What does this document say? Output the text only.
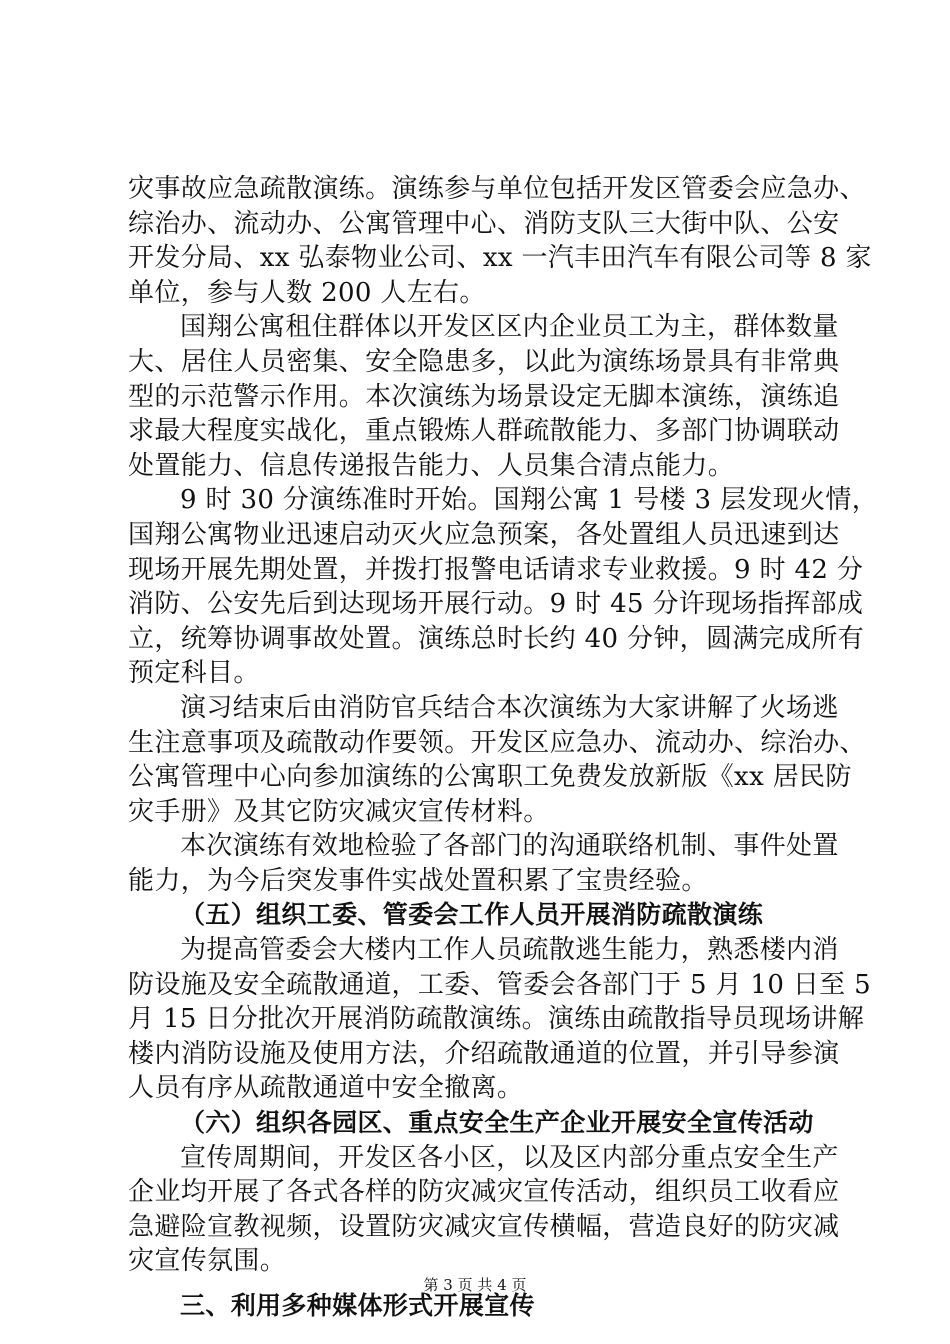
灾事故应急疏散演练。演练参与单位包括开发区管委会应急办、
综治办、流动办、公寓管理中心、消防支队三大街中队、公安
开发分局、xx 弘泰物业公司、xx 一汽丰田汽车有限公司等 8 家
单位，参与人数 200 人左右。
国翔公寓租住群体以开发区区内企业员工为主，群体数量
大、居住人员密集、安全隐患多，以此为演练场景具有非常典
型的示范警示作用。本次演练为场景设定无脚本演练，演练追
求最大程度实战化，重点锻炼人群疏散能力、多部门协调联动
处置能力、信息传递报告能力、人员集合清点能力。
9 时 30 分演练准时开始。国翔公寓 1 号楼 3 层发现火情，
国翔公寓物业迅速启动灭火应急预案，各处置组人员迅速到达
现场开展先期处置，并拨打报警电话请求专业救援。9 时 42 分
消防、公安先后到达现场开展行动。9 时 45 分许现场指挥部成
立，统筹协调事故处置。演练总时长约 40 分钟，圆满完成所有
预定科目。
演习结束后由消防官兵结合本次演练为大家讲解了火场逃
生注意事项及疏散动作要领。开发区应急办、流动办、综治办、
公寓管理中心向参加演练的公寓职工免费发放新版《xx 居民防
灾手册》及其它防灾减灾宣传材料。
本次演练有效地检验了各部门的沟通联络机制、事件处置
能力，为今后突发事件实战处置积累了宝贵经验。
（五）组织工委、管委会工作人员开展消防疏散演练
为提高管委会大楼内工作人员疏散逃生能力，熟悉楼内消
防设施及安全疏散通道，工委、管委会各部门于 5 月 10 日至 5
月 15 日分批次开展消防疏散演练。演练由疏散指导员现场讲解
楼内消防设施及使用方法，介绍疏散通道的位置，并引导参演
人员有序从疏散通道中安全撤离。
（六）组织各园区、重点安全生产企业开展安全宣传活动
宣传周期间，开发区各小区，以及区内部分重点安全生产
企业均开展了各式各样的防灾减灾宣传活动，组织员工收看应
急避险宣教视频，设置防灾减灾宣传横幅，营造良好的防灾减
灾宣传氛围。
三、利用多种媒体形式开展宣传
第 3 页 共 4 页
